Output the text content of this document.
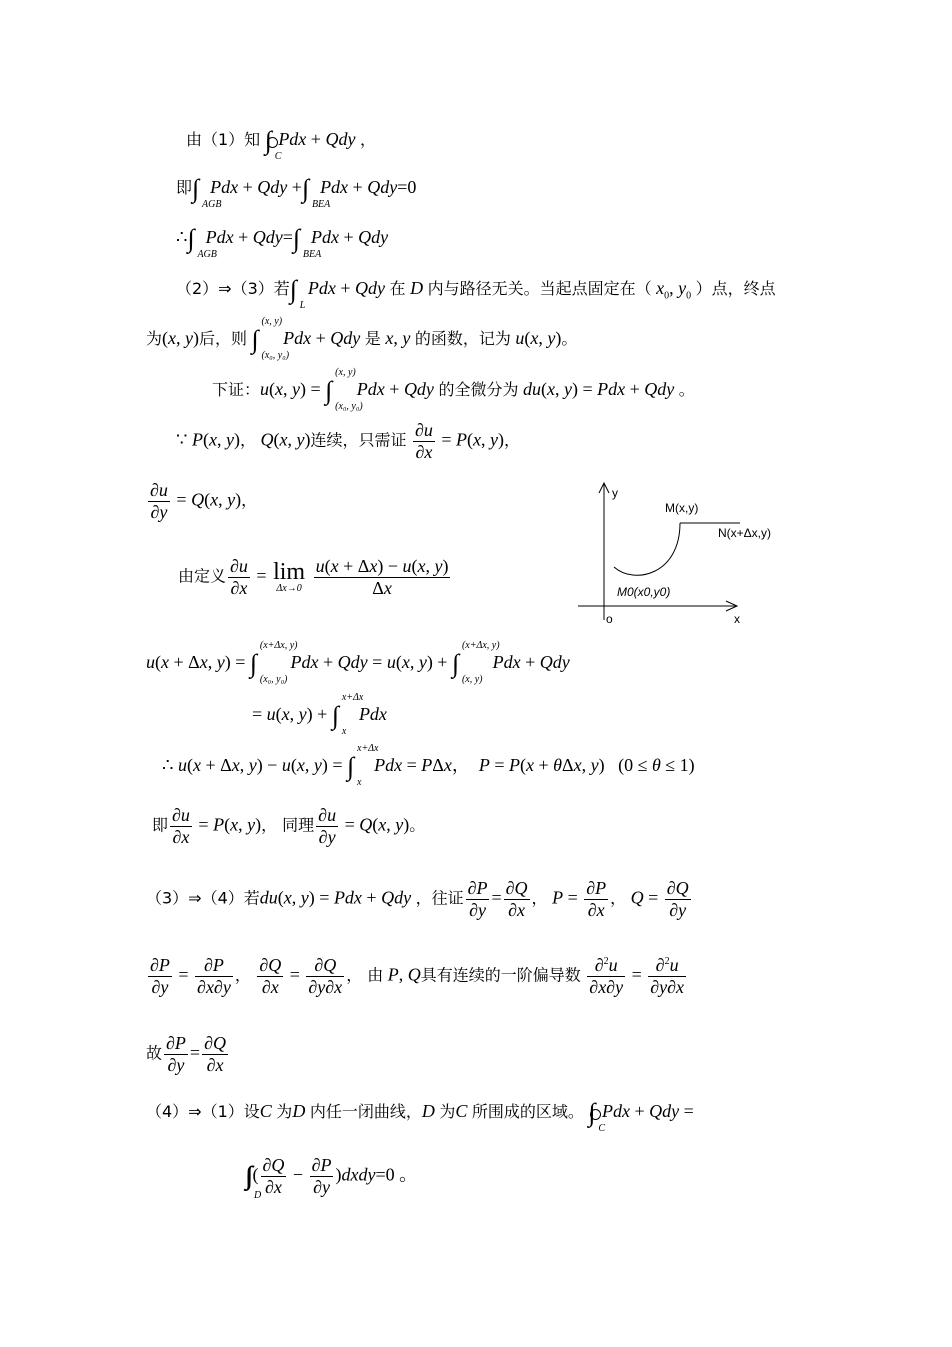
由（1）知 ∫
C
Pdx + Qdy ，
即∫
AGB
Pdx + Qdy +∫
BEA
Pdx + Qdy=0
∴∫
AGB
Pdx + Qdy=∫
BEA
Pdx + Qdy
（2）⇒（3）若∫
L
Pdx + Qdy 在 D 内与路径无关。当起点固定在（ $x_0$, $y_0$ ）点，终点
为(x, y)后，则 ∫
(x, y)
(x₀, y₀)
Pdx + Qdy 是 x, y 的函数，记为 u(x, y)。
下证：u(x, y) = ∫
(x, y)
(x₀, y₀)
Pdx + Qdy 的全微分为 du(x, y) = Pdx + Qdy 。
∵ P(x, y)， Q(x, y)连续，只需证 $\frac{\partial u}{\partial x} = P(x$, y)，
$\frac{\partial u}{\partial y} = Q(x$, y)，
由定义 $\frac{\partial u}{\partial x} = \lim$
Δx→0
$\frac{u(x + \Delta x) - u(x, y)}{\Delta x}$
y
x
o
M(x,y)
N(x+Δx,y)
M0(x0,y0)
u(x + Δx, y) = ∫
(x+Δx, y)
(x₀, y₀)
Pdx + Qdy = u(x, y) + ∫
(x+Δx, y)
(x, y)
Pdx + Qdy
= u(x, y) + ∫
x+Δx
x
Pdx
∴ u(x + Δx, y) − u(x, y) = ∫
x+Δx
x
Pdx = PΔx，  P = P(x + θΔx, y)   (0 ≤ θ ≤ 1)
即 $\frac{\partial u}{\partial x} = P(x$, y)， 同理 $\frac{\partial u}{\partial y} = Q(x$, y)。
（3）⇒（4）若du(x, y) = Pdx + Qdy ，往证 $\frac{\partial P}{\partial y} = \frac{\partial Q}{\partial x}$ ， $P = \frac{\partial P}{\partial x}$ ， $Q = \frac{\partial Q}{\partial y}$
$\frac{\partial P}{\partial y} = \frac{\partial P}{\partial x\partial y}$ ， $\frac{\partial Q}{\partial x} = \frac{\partial Q}{\partial y\partial x}$ ， 由 P, Q具有连续的一阶偏导数 $\frac{\partial^2u}{\partial x\partial y} = \frac{\partial^2u}{\partial y\partial x}$
故 $\frac{\partial P}{\partial y} = \frac{\partial Q}{\partial x}$
（4）⇒（1）设C 为D 内任一闭曲线，D 为C 所围成的区域。 ∫
C
Pdx + Qdy =
D
( $\frac{\partial Q}{\partial x} - \frac{\partial P}{\partial y}$ )dxdy=0 。
